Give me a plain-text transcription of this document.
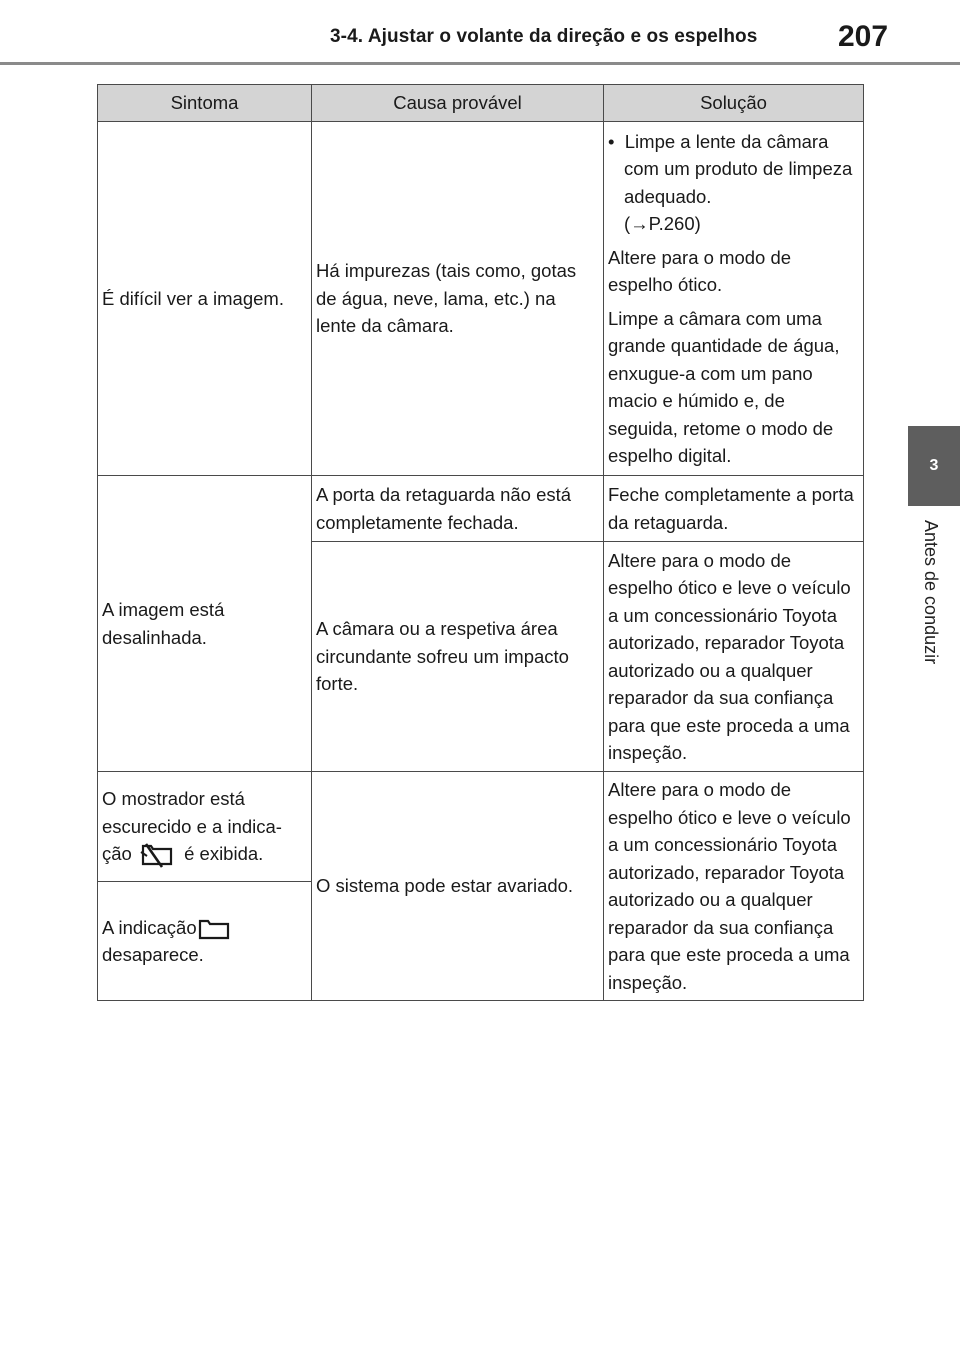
3-4. Ajustar o volante da direção e os espelhos	207
3
Antes de conduzir
Sintoma	Causa provável	Solução
É difícil ver a imagem.	Há impurezas (tais como, gotas de água, neve, lama, etc.) na lente da câmara.	•  Limpe a lente da câmara com um produto de limpeza adequado.
(→P.260)
Altere para o modo de espelho ótico.
Limpe a câmara com uma grande quantidade de água, enxugue-a com um pano macio e húmido e, de seguida, retome o modo de espelho digital.

A imagem está desalinhada.	A porta da retaguarda não está completamente fechada.	Feche completamente a porta da retaguarda.
	A câmara ou a respetiva área circundante sofreu um impacto forte.	Altere para o modo de espelho ótico e leve o veículo a um concessionário Toyota autorizado, reparador Toyota autorizado ou a qualquer reparador da sua confiança para que este proceda a uma inspeção.
O mostrador está escurecido e a indica-
ção é exibida.	O sistema pode estar avariado.	Altere para o modo de espelho ótico e leve o veículo a um concessionário Toyota autorizado, reparador Toyota autorizado ou a qualquer reparador da sua confiança para que este proceda a uma inspeção.
A indicação
desaparece.		
